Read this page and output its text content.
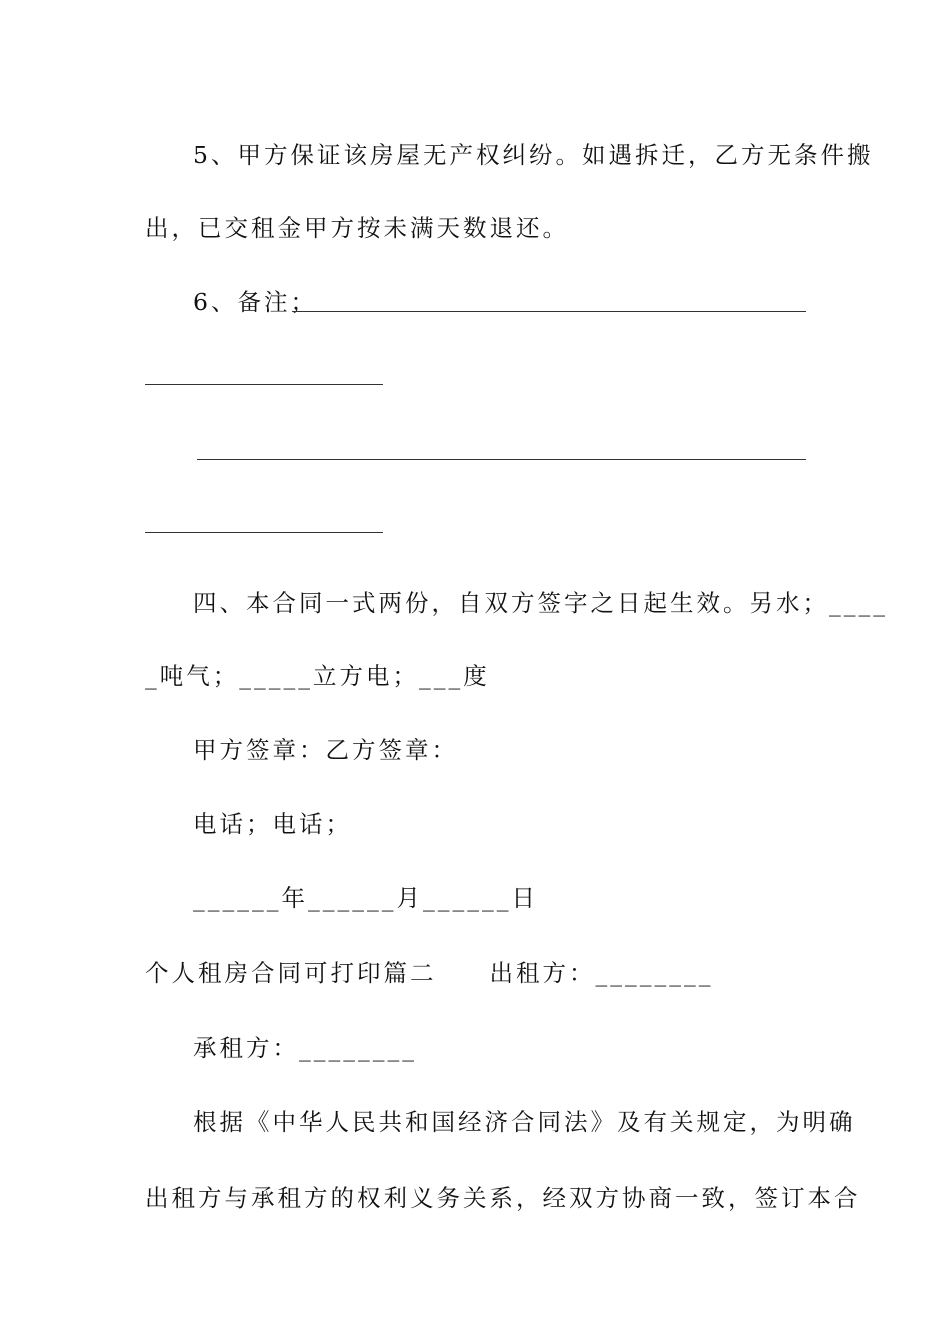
5、甲方保证该房屋无产权纠纷。如遇拆迁，乙方无条件搬
出，已交租金甲方按未满天数退还。
6、备注；
四、本合同一式两份，自双方签字之日起生效。另水；____
_吨气；_____立方电；___度
甲方签章：乙方签章：
电话；电话；
______年______月______日
个人租房合同可打印篇二　　出租方：________
承租方：________
根据《中华人民共和国经济合同法》及有关规定，为明确
出租方与承租方的权利义务关系，经双方协商一致，签订本合
